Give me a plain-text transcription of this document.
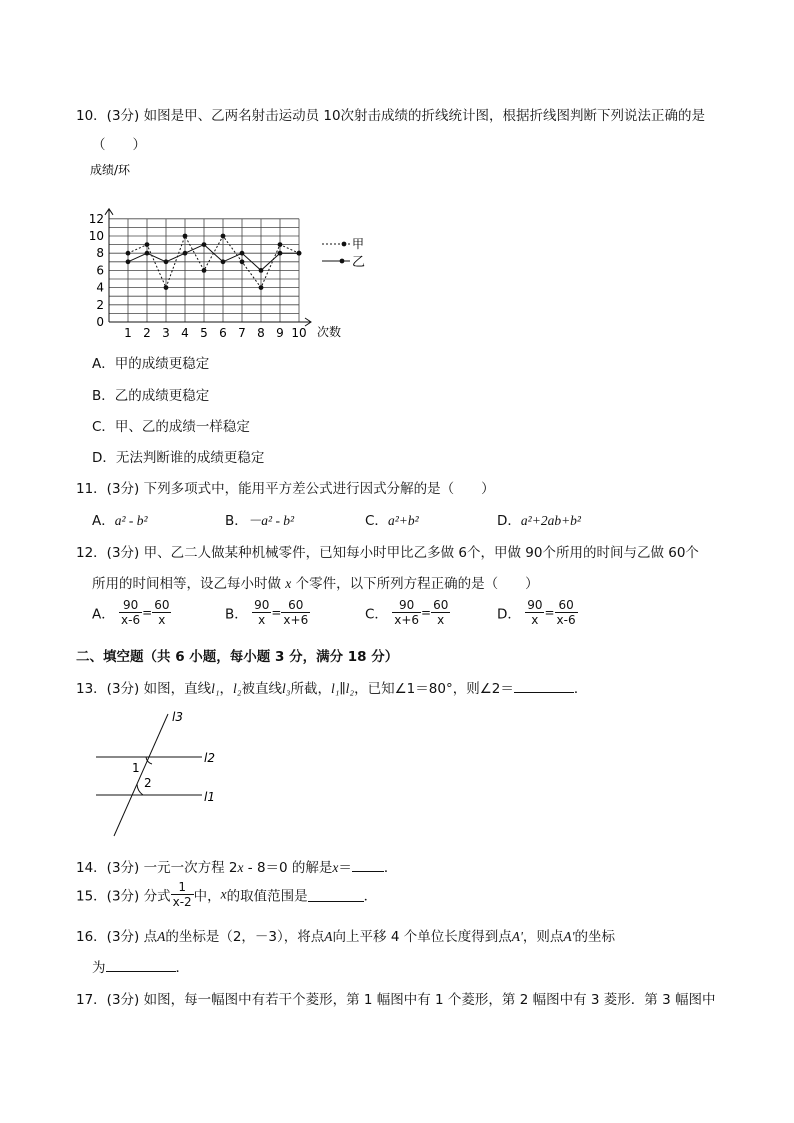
10．(3分) 如图是甲、乙两名射击运动员 10次射击成绩的折线统计图，根据折线图判断下列说法正确的是
（　　）
1 2 3 4 5 6 7 8 9 10
0
2
4
6
8
10
12
成绩/环
次数
甲
乙
A．甲的成绩更稳定
B．乙的成绩更稳定
C．甲、乙的成绩一样稳定
D．无法判断谁的成绩更稳定
11．(3分) 下列多项式中，能用平方差公式进行因式分解的是（　　）
A．a² - b²	B．－a² - b²	C．a²+b²	D．a²+2ab+b²
12．(3分) 甲、乙二人做某种机械零件，已知每小时甲比乙多做 6个，甲做 90个所用的时间与乙做 60个
所用的时间相等，设乙每小时做 x 个零件，以下所列方程正确的是（　　）
A． $\frac{90}{x-6} = \frac{60}{x}$	B． $\frac{90}{x} = \frac{60}{x+6}$	C． $\frac{90}{x+6} = \frac{60}{x}$	D． $\frac{90}{x} = \frac{60}{x-6}$
二、填空题（共 6 小题，每小题 3 分，满分 18 分）
13．(3分) 如图，直线l₁，l₂被直线l₃所截，l₁∥l₂，已知∠1＝80°，则∠2＝	．
1
2
l3
l2
l1
14．(3分) 一元一次方程 2x - 8＝0 的解是x＝ ．
15．(3分) 分式 $\frac{1}{x-2}$ 中，x的取值范围是	．
16．(3分) 点A的坐标是（2，－3），将点A向上平移 4 个单位长度得到点A'，则点A'的坐标
为	．
17．(3分) 如图，每一幅图中有若干个菱形，第 1 幅图中有 1 个菱形，第 2 幅图中有 3 菱形．第 3 幅图中
